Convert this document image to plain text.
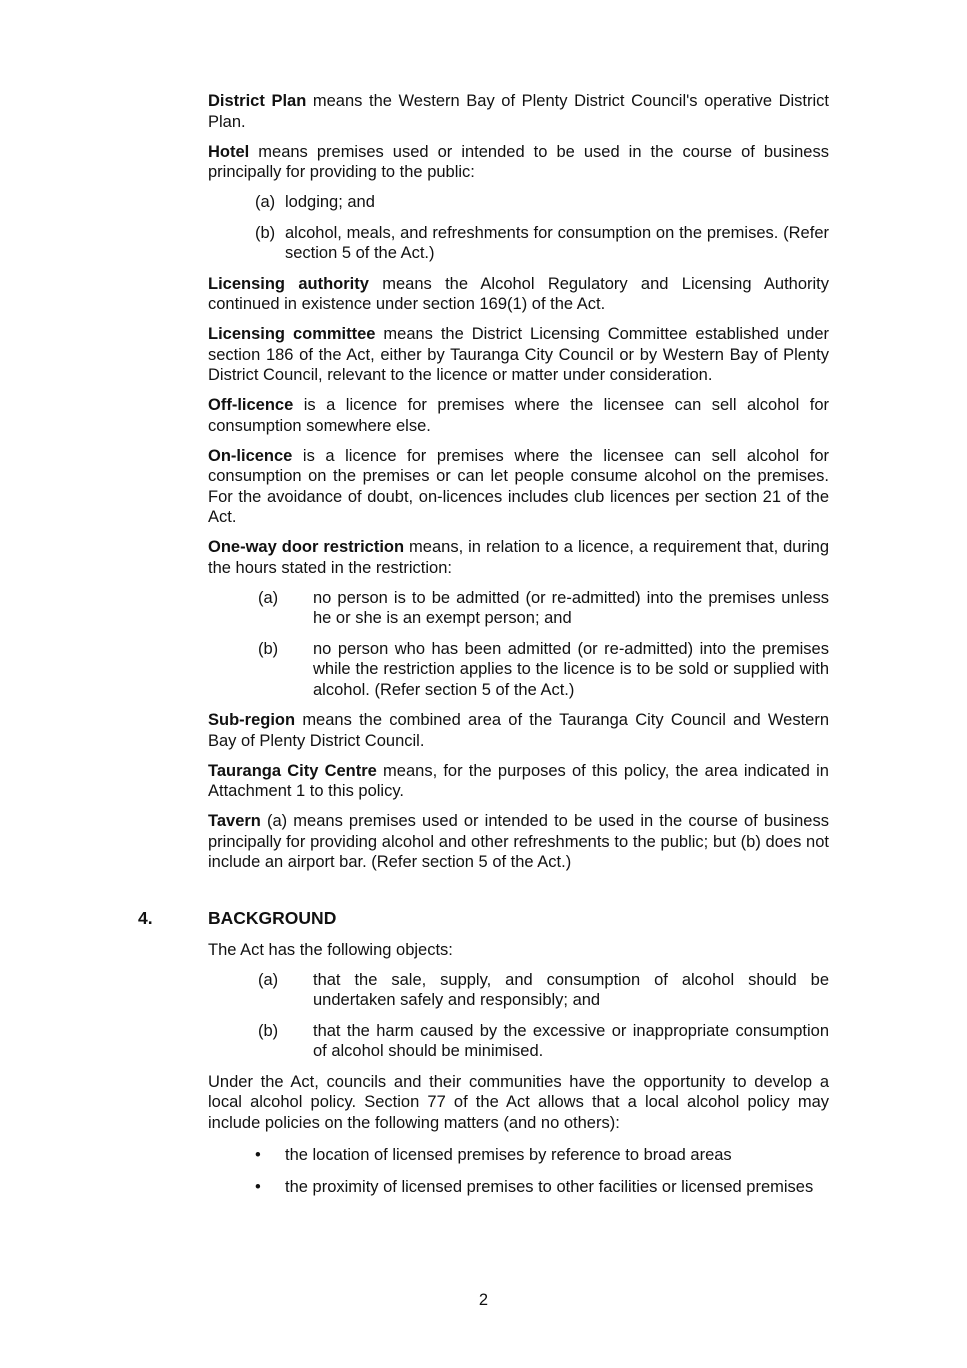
District Plan means the Western Bay of Plenty District Council's operative District Plan.

Hotel means premises used or intended to be used in the course of business principally for providing to the public:

(a) lodging; and
(b) alcohol, meals, and refreshments for consumption on the premises. (Refer section 5 of the Act.)

Licensing authority means the Alcohol Regulatory and Licensing Authority continued in existence under section 169(1) of the Act.

Licensing committee means the District Licensing Committee established under section 186 of the Act, either by Tauranga City Council or by Western Bay of Plenty District Council, relevant to the licence or matter under consideration.

Off-licence is a licence for premises where the licensee can sell alcohol for consumption somewhere else.

On-licence is a licence for premises where the licensee can sell alcohol for consumption on the premises or can let people consume alcohol on the premises. For the avoidance of doubt, on-licences includes club licences per section 21 of the Act.

One-way door restriction means, in relation to a licence, a requirement that, during the hours stated in the restriction:

(a)	no person is to be admitted (or re-admitted) into the premises unless he or she is an exempt person; and
(b)	no person who has been admitted (or re-admitted) into the premises while the restriction applies to the licence is to be sold or supplied with alcohol. (Refer section 5 of the Act.)

Sub-region means the combined area of the Tauranga City Council and Western Bay of Plenty District Council.

Tauranga City Centre means, for the purposes of this policy, the area indicated in Attachment 1 to this policy.

Tavern (a) means premises used or intended to be used in the course of business principally for providing alcohol and other refreshments to the public; but (b) does not include an airport bar. (Refer section 5 of the Act.)

4.	BACKGROUND

The Act has the following objects:

(a)	that the sale, supply, and consumption of alcohol should be undertaken safely and responsibly; and
(b)	that the harm caused by the excessive or inappropriate consumption of alcohol should be minimised.

Under the Act, councils and their communities have the opportunity to develop a local alcohol policy. Section 77 of the Act allows that a local alcohol policy may include policies on the following matters (and no others):

•	the location of licensed premises by reference to broad areas
•	the proximity of licensed premises to other facilities or licensed premises
2
